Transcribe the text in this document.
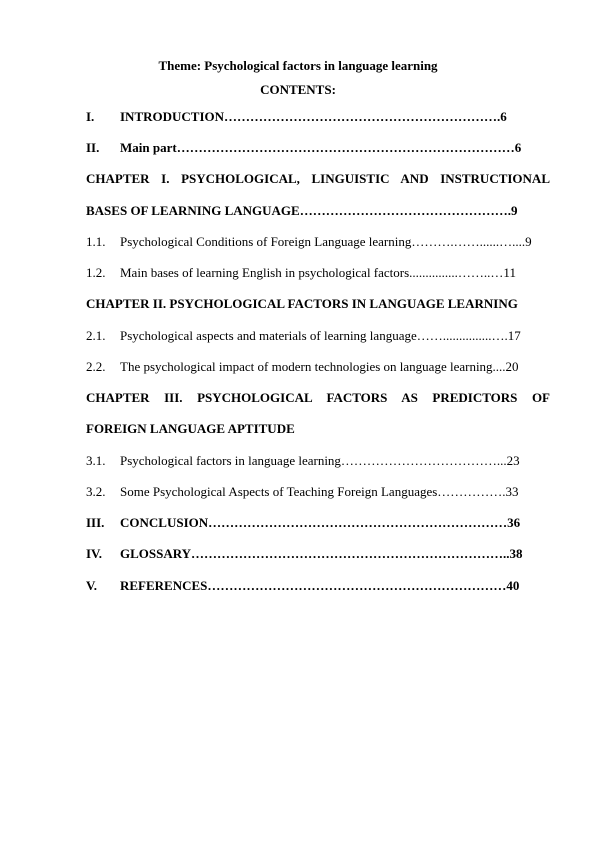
Theme: Psychological factors in language learning
CONTENTS:
I. INTRODUCTION……………………………………………………….6
II. Main part……………………………………………………………………6
CHAPTER I. PSYCHOLOGICAL, LINGUISTIC AND INSTRUCTIONAL
BASES OF LEARNING LANGUAGE………………………………………….9
1.1. Psychological Conditions of Foreign Language learning……….……......…....9
1.2. Main bases of learning English in psychological factors...............……..…11
CHAPTER II. PSYCHOLOGICAL FACTORS IN LANGUAGE LEARNING
2.1. Psychological aspects and materials of learning language……...............….17
2.2. The psychological impact of modern technologies on language learning....20
CHAPTER III. PSYCHOLOGICAL FACTORS AS PREDICTORS OF
FOREIGN LANGUAGE APTITUDE
3.1. Psychological factors in language learning………………………………...23
3.2. Some Psychological Aspects of Teaching Foreign Languages…………….33
III. CONCLUSION……………………………………………………………36
IV. GLOSSARY………………………………………………………………..38
V. REFERENCES……………………………………………………………40
